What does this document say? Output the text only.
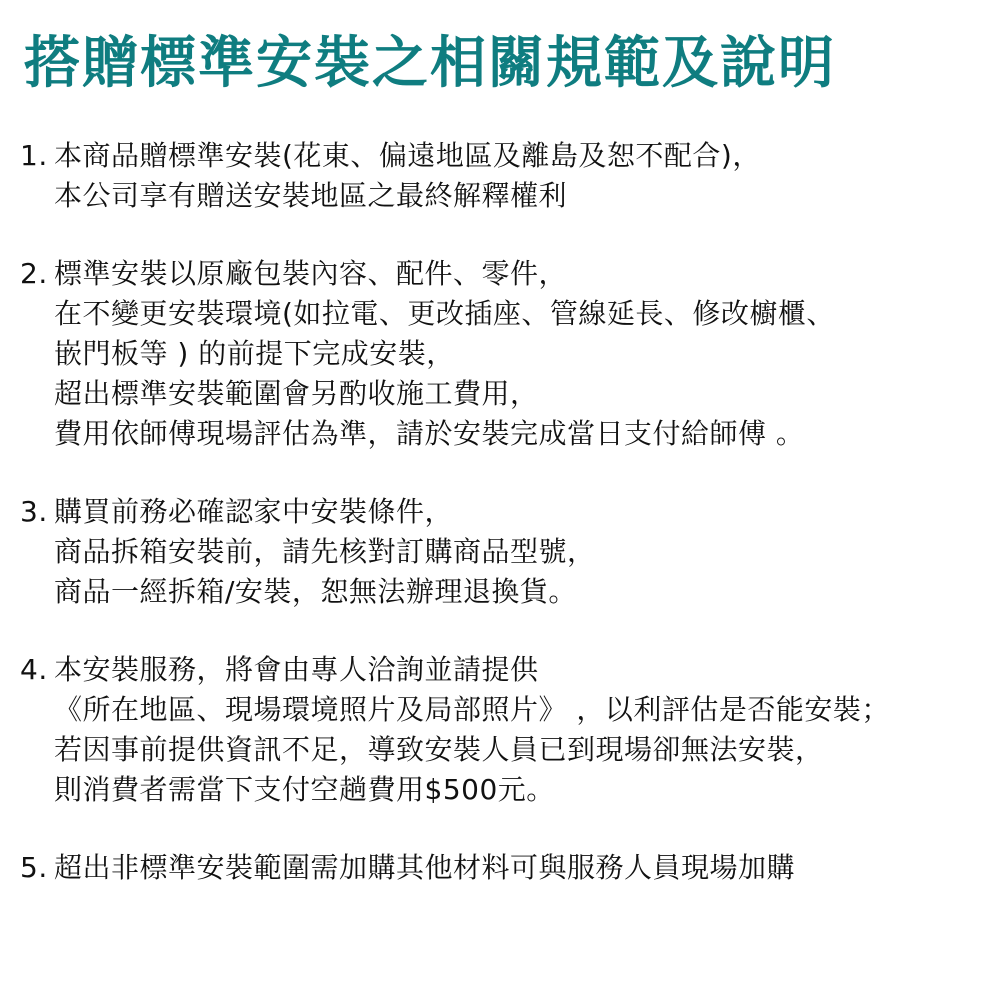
搭贈標準安裝之相關規範及說明
1. 本商品贈標準安裝(花東、偏遠地區及離島及恕不配合)，
本公司享有贈送安裝地區之最終解釋權利
2. 標準安裝以原廠包裝內容、配件、零件，
在不變更安裝環境(如拉電、更改插座、管線延長、修改櫥櫃、
嵌門板等 ) 的前提下完成安裝，
超出標準安裝範圍會另酌收施工費用，
費用依師傅現場評估為準，請於安裝完成當日支付給師傅 。
3. 購買前務必確認家中安裝條件，
商品拆箱安裝前，請先核對訂購商品型號，
商品一經拆箱/安裝，恕無法辦理退換貨。
4. 本安裝服務，將會由專人洽詢並請提供
《所在地區、現場環境照片及局部照片》 ，以利評估是否能安裝；
若因事前提供資訊不足，導致安裝人員已到現場卻無法安裝，
則消費者需當下支付空趟費用$500元。
5. 超出非標準安裝範圍需加購其他材料可與服務人員現場加購
